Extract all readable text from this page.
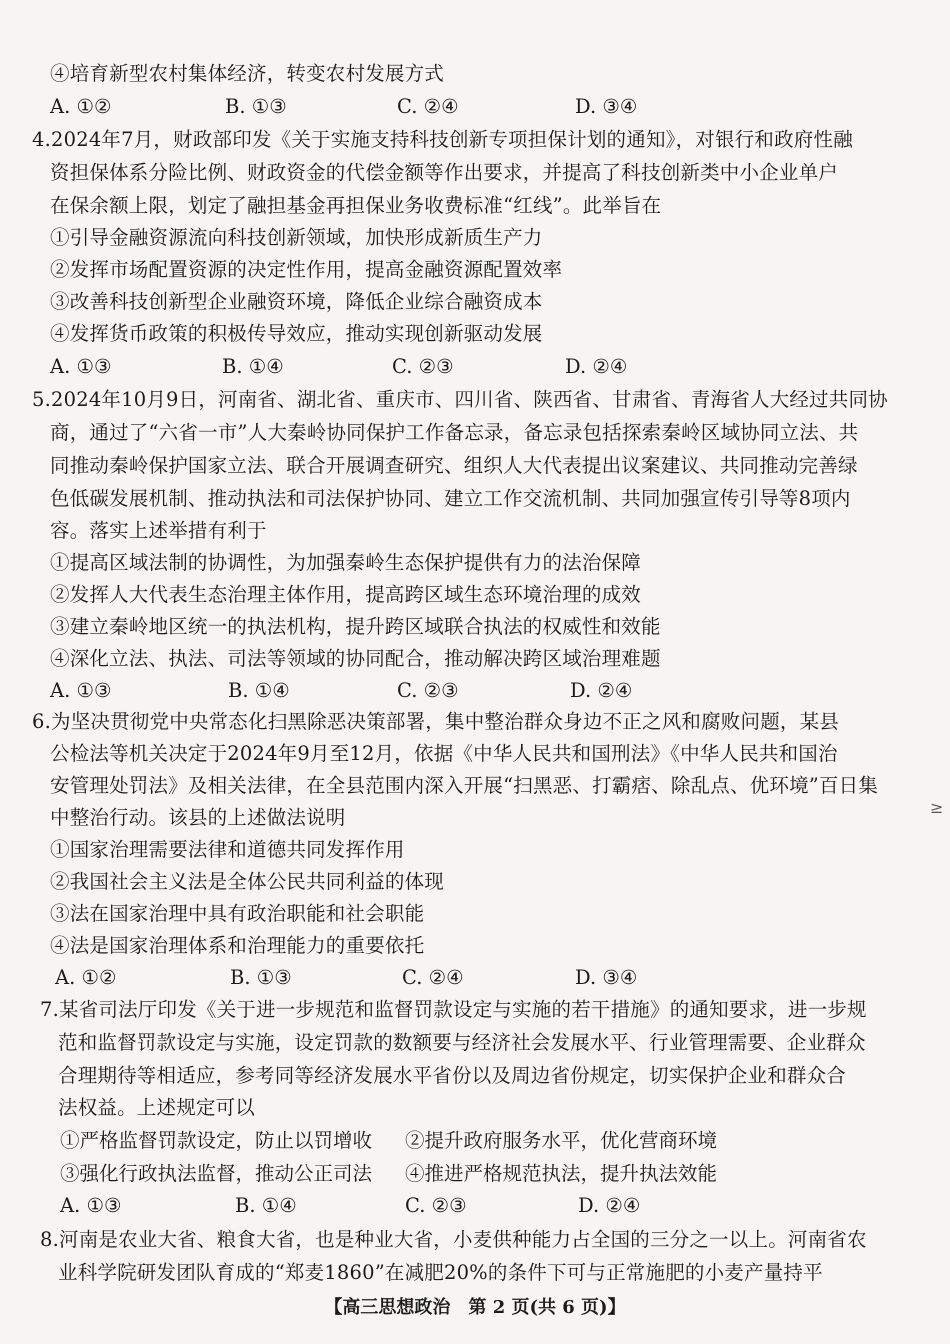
④培育新型农村集体经济，转变农村发展方式
A. ①②	B. ①③	C. ②④	D. ③④
4.2024年7月，财政部印发《关于实施支持科技创新专项担保计划的通知》，对银行和政府性融
资担保体系分险比例、财政资金的代偿金额等作出要求，并提高了科技创新类中小企业单户
在保余额上限，划定了融担基金再担保业务收费标准“红线”。此举旨在
①引导金融资源流向科技创新领域，加快形成新质生产力
②发挥市场配置资源的决定性作用，提高金融资源配置效率
③改善科技创新型企业融资环境，降低企业综合融资成本
④发挥货币政策的积极传导效应，推动实现创新驱动发展
A. ①③	B. ①④	C. ②③	D. ②④
5.2024年10月9日，河南省、湖北省、重庆市、四川省、陕西省、甘肃省、青海省人大经过共同协
商，通过了“六省一市”人大秦岭协同保护工作备忘录，备忘录包括探索秦岭区域协同立法、共
同推动秦岭保护国家立法、联合开展调查研究、组织人大代表提出议案建议、共同推动完善绿
色低碳发展机制、推动执法和司法保护协同、建立工作交流机制、共同加强宣传引导等8项内
容。落实上述举措有利于
①提高区域法制的协调性，为加强秦岭生态保护提供有力的法治保障
②发挥人大代表生态治理主体作用，提高跨区域生态环境治理的成效
③建立秦岭地区统一的执法机构，提升跨区域联合执法的权威性和效能
④深化立法、执法、司法等领域的协同配合，推动解决跨区域治理难题
A. ①③	B. ①④	C. ②③	D. ②④
6.为坚决贯彻党中央常态化扫黑除恶决策部署，集中整治群众身边不正之风和腐败问题，某县
公检法等机关决定于2024年9月至12月，依据《中华人民共和国刑法》《中华人民共和国治
安管理处罚法》及相关法律，在全县范围内深入开展“扫黑恶、打霸痞、除乱点、优环境”百日集
中整治行动。该县的上述做法说明
①国家治理需要法律和道德共同发挥作用
②我国社会主义法是全体公民共同利益的体现
③法在国家治理中具有政治职能和社会职能
④法是国家治理体系和治理能力的重要依托
A. ①②	B. ①③	C. ②④	D. ③④
7.某省司法厅印发《关于进一步规范和监督罚款设定与实施的若干措施》的通知要求，进一步规
范和监督罚款设定与实施，设定罚款的数额要与经济社会发展水平、行业管理需要、企业群众
合理期待等相适应，参考同等经济发展水平省份以及周边省份规定，切实保护企业和群众合
法权益。上述规定可以
①严格监督罚款设定，防止以罚增收 ②提升政府服务水平，优化营商环境
③强化行政执法监督，推动公正司法 ④推进严格规范执法，提升执法效能
A. ①③	B. ①④	C. ②③	D. ②④
8.河南是农业大省、粮食大省，也是种业大省，小麦供种能力占全国的三分之一以上。河南省农
业科学院研发团队育成的“郑麦1860”在减肥20%的条件下可与正常施肥的小麦产量持平
【高三思想政治　第 2 页(共 6 页)】
≥
